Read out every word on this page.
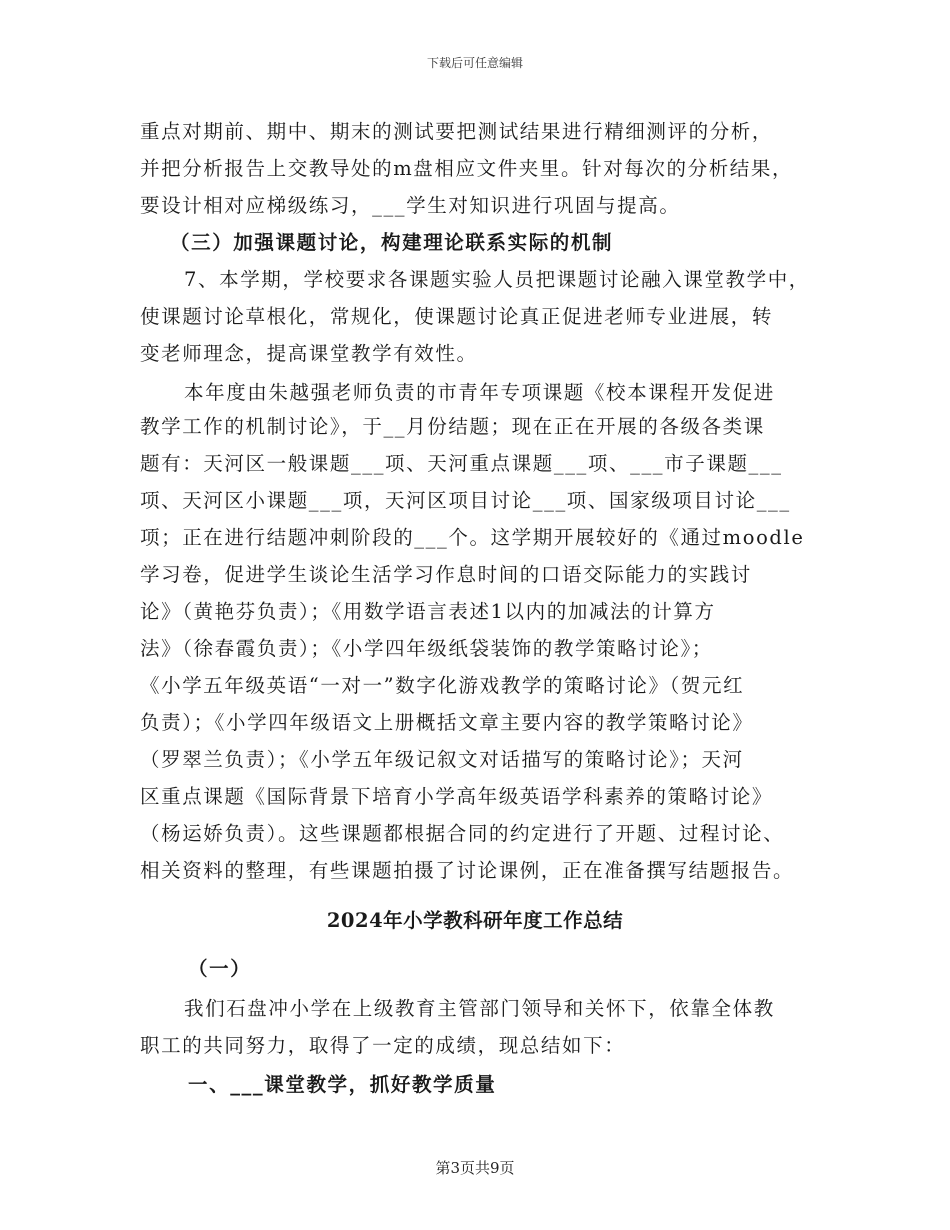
下载后可任意编辑
重点对期前、期中、期末的测试要把测试结果进行精细测评的分析，
并把分析报告上交教导处的m盘相应文件夹里。针对每次的分析结果，
要设计相对应梯级练习，___学生对知识进行巩固与提高。
（三）加强课题讨论，构建理论联系实际的机制
7、本学期，学校要求各课题实验人员把课题讨论融入课堂教学中，
使课题讨论草根化，常规化，使课题讨论真正促进老师专业进展，转
变老师理念，提高课堂教学有效性。
本年度由朱越强老师负责的市青年专项课题《校本课程开发促进
教学工作的机制讨论》，于__月份结题；现在正在开展的各级各类课
题有：天河区一般课题___项、天河重点课题___项、___市子课题___
项、天河区小课题___项，天河区项目讨论___项、国家级项目讨论___
项；正在进行结题冲刺阶段的___个。这学期开展较好的《通过moodle
学习卷，促进学生谈论生活学习作息时间的口语交际能力的实践讨
论》（黄艳芬负责）；《用数学语言表述1以内的加减法的计算方
法》（徐春霞负责）；《小学四年级纸袋装饰的教学策略讨论》；
《小学五年级英语“一对一”数字化游戏教学的策略讨论》（贺元红
负责）；《小学四年级语文上册概括文章主要内容的教学策略讨论》
（罗翠兰负责）；《小学五年级记叙文对话描写的策略讨论》；天河
区重点课题《国际背景下培育小学高年级英语学科素养的策略讨论》
（杨运娇负责）。这些课题都根据合同的约定进行了开题、过程讨论、
相关资料的整理，有些课题拍摄了讨论课例，正在准备撰写结题报告。
2024年小学教科研年度工作总结
（一）
我们石盘冲小学在上级教育主管部门领导和关怀下，依靠全体教
职工的共同努力，取得了一定的成绩，现总结如下：
一、___课堂教学，抓好教学质量
第3页共9页
